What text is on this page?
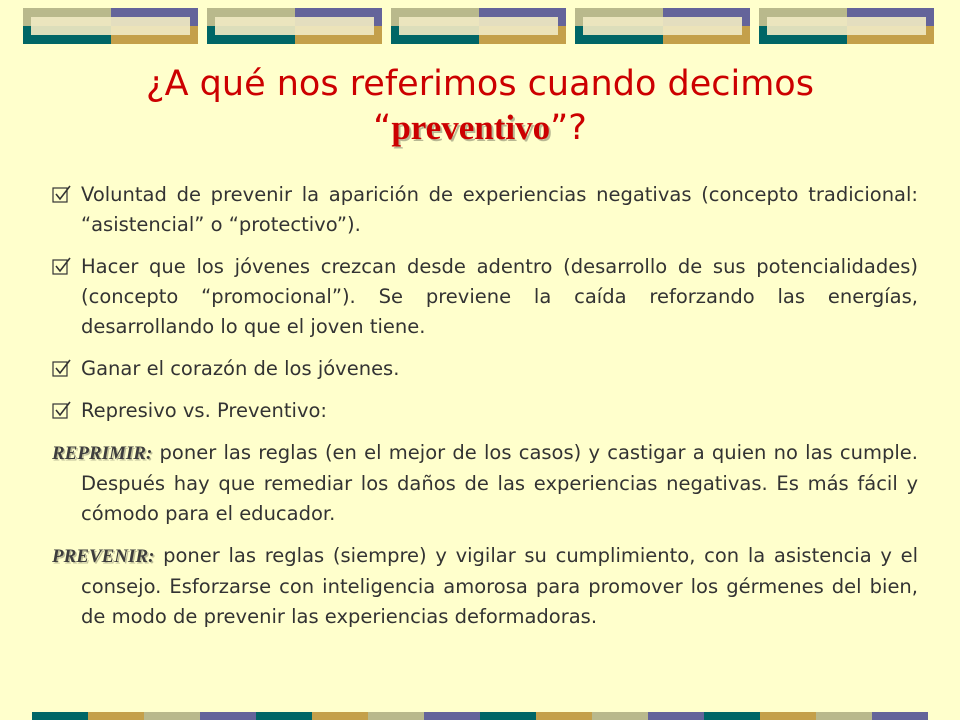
¿A qué nos referimos cuando decimos
“preventivo”?
Voluntad de prevenir la aparición de experiencias negativas (concepto tradicional: “asistencial” o “protectivo”).
Hacer que los jóvenes crezcan desde adentro (desarrollo de sus potencialidades) (concepto “promocional”). Se previene la caída reforzando las energías, desarrollando lo que el joven tiene.
Ganar el corazón de los jóvenes.
Represivo vs. Preventivo:
REPRIMIR: poner las reglas (en el mejor de los casos) y castigar a quien no las cumple. Después hay que remediar los daños de las experiencias negativas. Es más fácil y cómodo para el educador.
PREVENIR: poner las reglas (siempre) y vigilar su cumplimiento, con la asistencia y el consejo. Esforzarse con inteligencia amorosa para promover los gérmenes del bien, de modo de prevenir las experiencias deformadoras.
